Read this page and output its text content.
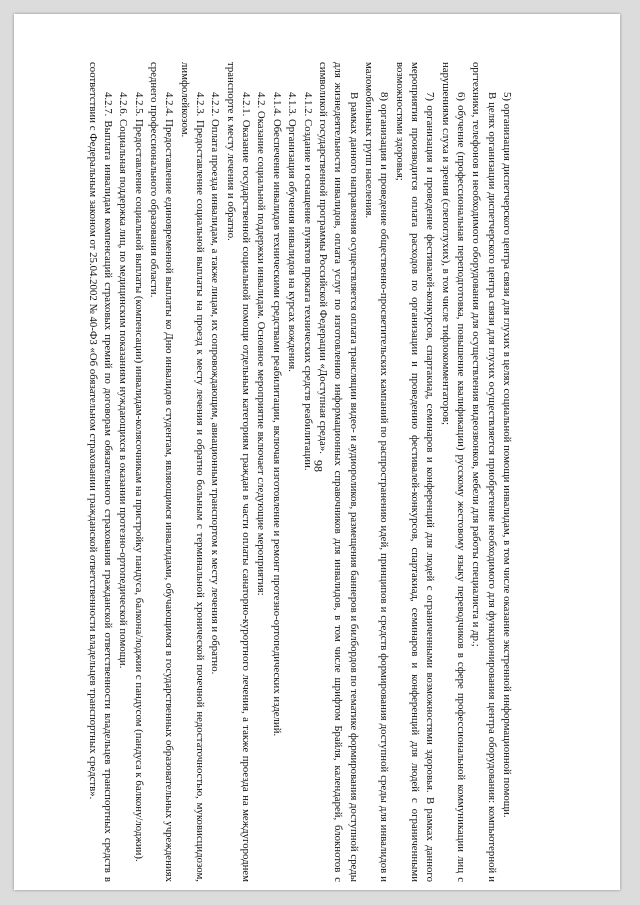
98	5) организация диспетчерского центра связи для глухих в целях социальной помощи инвалидам, в том числе оказание экстренной информационной помощи.

В целях организации диспетчерского центра связи для глухих осуществляется приобретение необходимого для функционирования центра оборудования: компьютерной и оргтехники, телефонов и необходимого оборудования для осуществления видеозвонков, мебели для работы специалиста и др.;

6) обучение (профессиональная переподготовка, повышение квалификации) русскому жестовому языку переводчиков в сфере профессиональной коммуникации лиц с нарушениями слуха и зрения (слепоглухих), в том числе тифлокомментаторов;

7) организация и проведение фестивалей-конкурсов, спартакиад, семинаров и конференций для людей с ограниченными возможностями здоровья. В рамках данного мероприятия производится оплата расходов по организации и проведению фестивалей-конкурсов, спартакиад, семинаров и конференций для людей с ограниченными возможностями здоровья;

8) организация и проведение общественно-просветительских кампаний по распространению идей, принципов и средств формирования доступной среды для инвалидов и маломобильных групп населения.

В рамках данного направления осуществляется оплата трансляции видео- и аудиороликов, размещения баннеров и билбордов по тематике формирования доступной среды для жизнедеятельности инвалидов, оплата услуг по изготовлению информационных справочников для инвалидов, в том числе шрифтом Брайля, календарей, блокнотов с символикой государственной программы Российской Федерации «Доступная среда».

4.1.2. Создание и оснащение пунктов проката технических средств реабилитации.

4.1.3. Организация обучения инвалидов на курсах вождения.

4.1.4. Обеспечение инвалидов техническими средствами реабилитации, включая изготовление и ремонт протезно-ортопедических изделий.

4.2. Оказание социальной поддержки инвалидам. Основное мероприятие включает следующие мероприятия:

4.2.1. Оказание государственной социальной помощи отдельным категориям граждан в части оплаты санаторно-курортного лечения, а также проезда на междугороднем транспорте к месту лечения и обратно.

4.2.2. Оплата проезда инвалидам, а также лицам, их сопровождающим, авиационным транспортом к месту лечения и обратно.

4.2.3. Предоставление социальной выплаты на проезд к месту лечения и обратно больным с терминальной хронической почечной недостаточностью, муковисцидозом, лимфолейкозом.

4.2.4. Предоставление единовременной выплаты ко Дню инвалидов студентам, являющимся инвалидами, обучающимся в государственных образовательных учреждениях среднего профессионального образования области.

4.2.5. Предоставление социальной выплаты (компенсации) инвалидам-колясочникам на пристройку пандуса, балкона/лоджии с пандусом (пандуса к балкону/лоджии).

4.2.6. Социальная поддержка лиц, по медицинским показаниям нуждающихся в оказании протезно-ортопедической помощи.

4.2.7. Выплата инвалидам компенсаций страховых премий по договорам обязательного страхования гражданской ответственности владельцев транспортных средств в соответствии с Федеральным законом от 25.04.2002 № 40-ФЗ «Об обязательном страховании гражданской ответственности владельцев транспортных средств».
